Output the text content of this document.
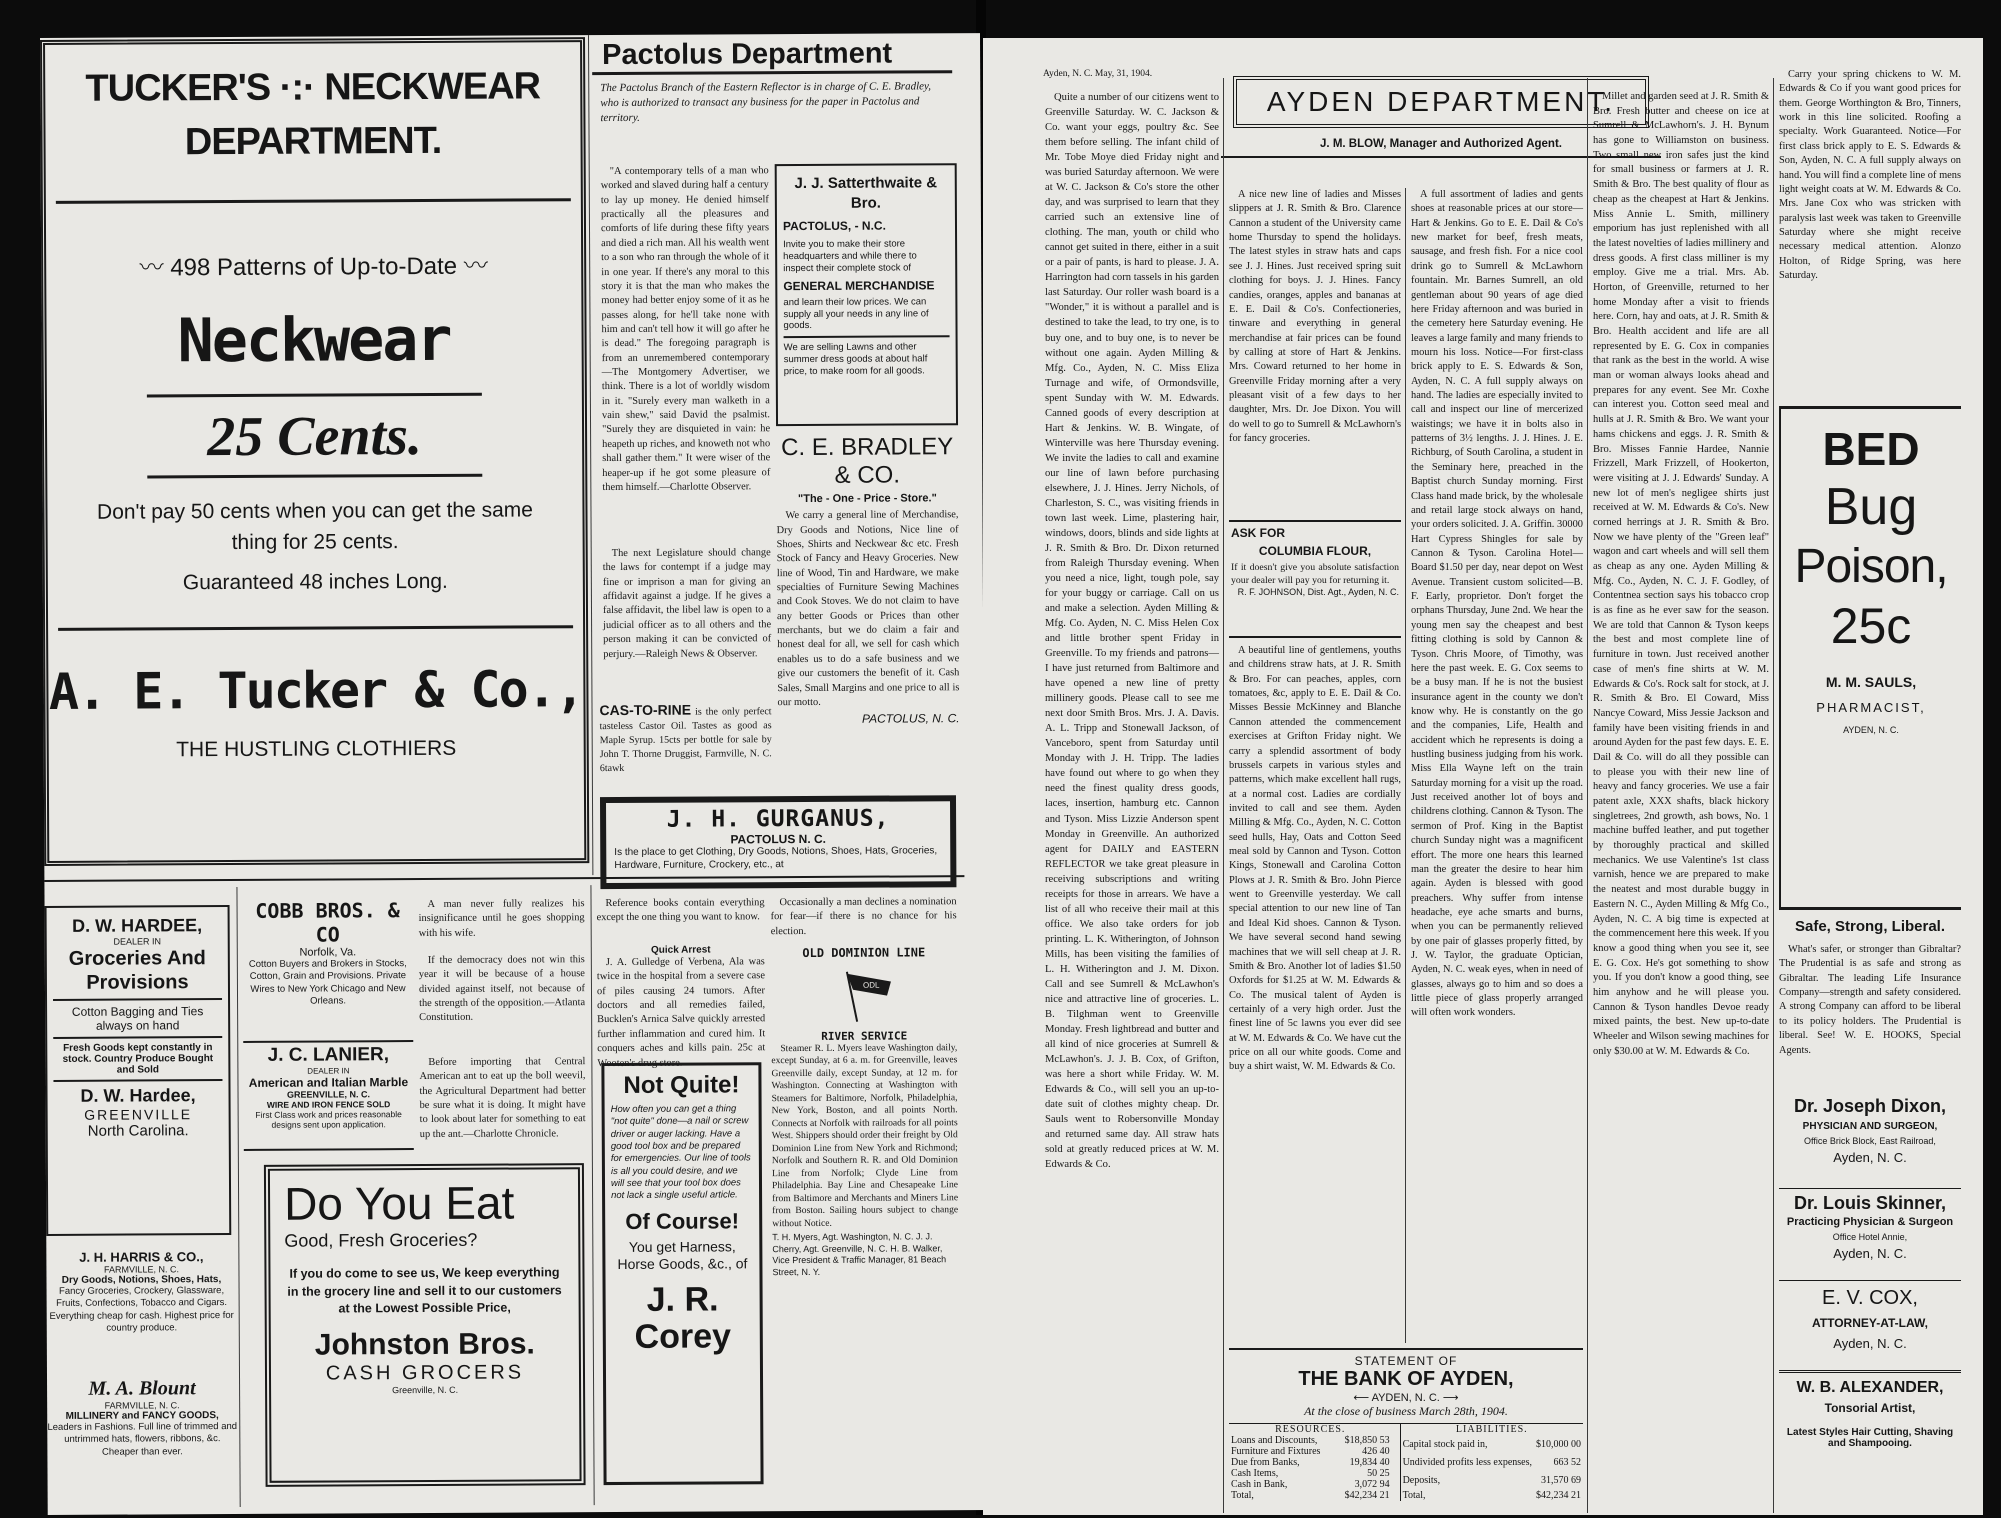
TUCKER'S ·:· NECKWEAR DEPARTMENT.
〰 498 Patterns of Up-to-Date 〰
Neckwear
25 Cents.
Don't pay 50 cents when you can get the same thing for 25 cents.
Guaranteed 48 inches Long.
A. E. Tucker & Co.,
THE HUSTLING CLOTHIERS
Pactolus Department
The Pactolus Branch of the Eastern Reflector is in charge of C. E. Bradley, who is authorized to transact any business for the paper in Pactolus and territory.

"A contemporary tells of a man who worked and slaved during half a century to lay up money. He denied himself practically all the pleasures and comforts of life during these fifty years and died a rich man. All his wealth went to a son who ran through the whole of it in one year. If there's any moral to this story it is that the man who makes the money had better enjoy some of it as he passes along, for he'll take none with him and can't tell how it will go after he is dead." The foregoing paragraph is from an unremembered contemporary—The Montgomery Advertiser, we think. There is a lot of worldly wisdom in it. "Surely every man walketh in a vain shew," said David the psalmist. "Surely they are disquieted in vain: he heapeth up riches, and knoweth not who shall gather them." It were wiser of the heaper-up if he got some pleasure of them himself.—Charlotte Observer.

The next Legislature should change the laws for contempt if a judge may fine or imprison a man for giving an affidavit against a judge. If he gives a false affidavit, the libel law is open to a judicial officer as to all others and the person making it can be convicted of perjury.—Raleigh News & Observer.

J. J. Satterthwaite & Bro.
PACTOLUS, - N.C.
Invite you to make their store headquarters and while there to inspect their complete stock of
GENERAL MERCHANDISE
and learn their low prices. We can supply all your needs in any line of goods.
We are selling Lawns and other summer dress goods at about half price, to make room for all goods.
C. E. BRADLEY & CO.
"The - One - Price - Store."

We carry a general line of Merchandise, Dry Goods and Notions, Nice line of Shoes, Shirts and Neckwear &c etc. Fresh Stock of Fancy and Heavy Groceries. New line of Wood, Tin and Hardware, we make specialties of Furniture Sewing Machines and Cook Stoves. We do not claim to have any better Goods or Prices than other merchants, but we do claim a fair and honest deal for all, we sell for cash which enables us to do a safe business and we give our customers the benefit of it. Cash Sales, Small Margins and one price to all is our motto.

PACTOLUS, N. C.
CAS-TO-RINE is the only perfect tasteless Castor Oil. Tastes as good as Maple Syrup. 15cts per bottle for sale by John T. Thorne Druggist, Farmville, N. C. 6tawk
J. H. GURGANUS,
PACTOLUS N. C.
Is the place to get Clothing, Dry Goods, Notions, Shoes, Hats, Groceries, Hardware, Furniture, Crockery, etc., at
D. W. HARDEE,
DEALER IN
Groceries And Provisions
Cotton Bagging and Ties always on hand
Fresh Goods kept constantly in stock. Country Produce Bought and Sold
D. W. Hardee,
GREENVILLE
North Carolina.
J. H. HARRIS & CO.,
FARMVILLE, N. C.
Dry Goods, Notions, Shoes, Hats,
Fancy Groceries, Crockery, Glassware, Fruits, Confections, Tobacco and Cigars. Everything cheap for cash. Highest price for country produce.
M. A. Blount
FARMVILLE, N. C.
MILLINERY and FANCY GOODS,
Leaders in Fashions. Full line of trimmed and untrimmed hats, flowers, ribbons, &c. Cheaper than ever.
COBB BROS. & CO
Norfolk, Va.
Cotton Buyers and Brokers in Stocks, Cotton, Grain and Provisions. Private Wires to New York Chicago and New Orleans.
J. C. LANIER,
DEALER IN
American and Italian Marble
GREENVILLE, N. C.
WIRE AND IRON FENCE SOLD
First Class work and prices reasonable designs sent upon application.

A man never fully realizes his insignificance until he goes shopping with his wife.

If the democracy does not win this year it will be because of a house divided against itself, not because of the strength of the opposition.—Atlanta Constitution.

Before importing that Central American ant to eat up the boll weevil, the Agricultural Department had better be sure what it is doing. It might have to look about later for something to eat up the ant.—Charlotte Chronicle.

Do You Eat
Good, Fresh Groceries?
If you do come to see us, We keep everything in the grocery line and sell it to our customers at the Lowest Possible Price,
Johnston Bros.
CASH GROCERS
Greenville, N. C.

Reference books contain everything except the one thing you want to know.

Occasionally a man declines a nomination for fear—if there is no chance for his election.

Quick Arrest

J. A. Gulledge of Verbena, Ala was twice in the hospital from a severe case of piles causing 24 tumors. After doctors and all remedies failed, Bucklen's Arnica Salve quickly arrested further inflammation and cured him. It conquers aches and kills pain. 25c at Wooten's drug store.

Not Quite!
How often you can get a thing "not quite" done—a nail or screw driver or auger lacking. Have a good tool box and be prepared for emergencies. Our line of tools is all you could desire, and we will see that your tool box does not lack a single useful article.
Of Course!
You get Harness, Horse Goods, &c., of
J. R. Corey
OLD DOMINION LINE
ODL
RIVER SERVICE

Steamer R. L. Myers leave Washington daily, except Sunday, at 6 a. m. for Greenville, leaves Greenville daily, except Sunday, at 12 m. for Washington. Connecting at Washington with Steamers for Baltimore, Norfolk, Philadelphia, New York, Boston, and all points North. Connects at Norfolk with railroads for all points West. Shippers should order their freight by Old Dominion Line from New York and Richmond; Norfolk and Southern R. R. and Old Dominion Line from Norfolk; Clyde Line from Philadelphia. Bay Line and Chesapeake Line from Baltimore and Merchants and Miners Line from Boston. Sailing hours subject to change without Notice.

T. H. Myers, Agt. Washington, N. C. J. J. Cherry, Agt. Greenville, N. C. H. B. Walker, Vice President & Traffic Manager, 81 Beach Street, N. Y.
Ayden, N. C. May, 31, 1904.
AYDEN DEPARTMENT.
J. M. BLOW, Manager and Authorized Agent.

Quite a number of our citizens went to Greenville Saturday. W. C. Jackson & Co. want your eggs, poultry &c. See them before selling. The infant child of Mr. Tobe Moye died Friday night and was buried Saturday afternoon. We were at W. C. Jackson & Co's store the other day, and was surprised to learn that they carried such an extensive line of clothing. The man, youth or child who cannot get suited in there, either in a suit or a pair of pants, is hard to please. J. A. Harrington had corn tassels in his garden last Saturday. Our roller wash board is a "Wonder," it is without a parallel and is destined to take the lead, to try one, is to buy one, and to buy one, is to never be without one again. Ayden Milling & Mfg. Co., Ayden, N. C. Miss Eliza Turnage and wife, of Ormondsville, spent Sunday with W. M. Edwards. Canned goods of every description at Hart & Jenkins. W. B. Wingate, of Winterville was here Thursday evening. We invite the ladies to call and examine our line of lawn before purchasing elsewhere, J. J. Hines. Jerry Nichols, of Charleston, S. C., was visiting friends in town last week. Lime, plastering hair, windows, doors, blinds and side lights at J. R. Smith & Bro. Dr. Dixon returned from Raleigh Thursday evening. When you need a nice, light, tough pole, say for your buggy or carriage. Call on us and make a selection. Ayden Milling & Mfg. Co. Ayden, N. C. Miss Helen Cox and little brother spent Friday in Greenville. To my friends and patrons—I have just returned from Baltimore and have opened a new line of pretty millinery goods. Please call to see me next door Smith Bros. Mrs. J. A. Davis. A. L. Tripp and Stonewall Jackson, of Vanceboro, spent from Saturday until Monday with J. H. Tripp. The ladies have found out where to go when they need the finest quality dress goods, laces, insertion, hamburg etc. Cannon and Tyson. Miss Lizzie Anderson spent Monday in Greenville. An authorized agent for DAILY and EASTERN REFLECTOR we take great pleasure in receiving subscriptions and writing receipts for those in arrears. We have a list of all who receive their mail at this office. We also take orders for job printing. L. K. Witherington, of Johnson Mills, has been visiting the families of L. H. Witherington and J. M. Dixon. Call and see Sumrell & McLawhon's nice and attractive line of groceries. L. B. Tilghman went to Greenville Monday. Fresh lightbread and butter and all kind of nice groceries at Sumrell & McLawhon's. J. J. B. Cox, of Grifton, was here a short while Friday. W. M. Edwards & Co., will sell you an up-to-date suit of clothes mighty cheap. Dr. Sauls went to Robersonville Monday and returned same day. All straw hats sold at greatly reduced prices at W. M. Edwards & Co.

A nice new line of ladies and Misses slippers at J. R. Smith & Bro. Clarence Cannon a student of the University came home Thursday to spend the holidays. The latest styles in straw hats and caps see J. J. Hines. Just received spring suit clothing for boys. J. J. Hines. Fancy candies, oranges, apples and bananas at E. E. Dail & Co's. Confectioneries, tinware and everything in general merchandise at fair prices can be found by calling at store of Hart & Jenkins. Mrs. Coward returned to her home in Greenville Friday morning after a very pleasant visit of a few days to her daughter, Mrs. Dr. Joe Dixon. You will do well to go to Sumrell & McLawhorn's for fancy groceries.

ASK FOR
COLUMBIA FLOUR,
If it doesn't give you absolute satisfaction your dealer will pay you for returning it.
R. F. JOHNSON, Dist. Agt., Ayden, N. C.

A beautiful line of gentlemens, youths and childrens straw hats, at J. R. Smith & Bro. For can peaches, apples, corn tomatoes, &c, apply to E. E. Dail & Co. Misses Bessie McKinney and Blanche Cannon attended the commencement exercises at Grifton Friday night. We carry a splendid assortment of body brussels carpets in various styles and patterns, which make excellent hall rugs, at a normal cost. Ladies are cordially invited to call and see them. Ayden Milling & Mfg. Co., Ayden, N. C. Cotton seed hulls, Hay, Oats and Cotton Seed meal sold by Cannon and Tyson. Cotton Kings, Stonewall and Carolina Cotton Plows at J. R. Smith & Bro. John Pierce went to Greenville yesterday. We call special attention to our new line of Tan and Ideal Kid shoes. Cannon & Tyson. We have several second hand sewing machines that we will sell cheap at J. R. Smith & Bro. Another lot of ladies $1.50 Oxfords for $1.25 at W. M. Edwards & Co. The musical talent of Ayden is certainly of a very high order. Just the finest line of 5c lawns you ever did see at W. M. Edwards & Co. We have cut the price on all our white goods. Come and buy a shirt waist, W. M. Edwards & Co.

A full assortment of ladies and gents shoes at reasonable prices at our store—Hart & Jenkins. Go to E. E. Dail & Co's new market for beef, fresh meats, sausage, and fresh fish. For a nice cool drink go to Sumrell & McLawhorn fountain. Mr. Barnes Sumrell, an old gentleman about 90 years of age died here Friday afternoon and was buried in the cemetery here Saturday evening. He leaves a large family and many friends to mourn his loss. Notice—For first-class brick apply to E. S. Edwards & Son, Ayden, N. C. A full supply always on hand. The ladies are especially invited to call and inspect our line of mercerized waistings; we have it in bolts also in patterns of 3½ lengths. J. J. Hines. J. E. Richburg, of South Carolina, a student in the Seminary here, preached in the Baptist church Sunday morning. First Class hand made brick, by the wholesale and retail large stock always on hand, your orders solicited. J. A. Griffin. 30000 Hart Cypress Shingles for sale by Cannon & Tyson. Carolina Hotel—Board $1.50 per day, near depot on West Avenue. Transient custom solicited—B. F. Early, proprietor. Don't forget the orphans Thursday, June 2nd. We hear the young men say the cheapest and best fitting clothing is sold by Cannon & Tyson. Chris Moore, of Timothy, was here the past week. E. G. Cox seems to be a busy man. If he is not the busiest insurance agent in the county we don't know why. He is constantly on the go and the companies, Life, Health and accident which he represents is doing a hustling business judging from his work. Miss Ella Wayne left on the train Saturday morning for a visit up the road. Just received another lot of boys and childrens clothing. Cannon & Tyson. The sermon of Prof. King in the Baptist church Sunday night was a magnificent effort. The more one hears this learned man the greater the desire to hear him again. Ayden is blessed with good preachers. Why suffer from intense headache, eye ache smarts and burns, when you can be permanently relieved by one pair of glasses properly fitted, by J. W. Taylor, the graduate Optician, Ayden, N. C. weak eyes, when in need of glasses, always go to him and so does a little piece of glass properly arranged will often work wonders.

STATEMENT OF
THE BANK OF AYDEN,
⟵ AYDEN, N. C. ⟶
At the close of business March 28th, 1904.
RESOURCES.	
Loans and Discounts,	$18,850 53
Furniture and Fixtures	426 40
Due from Banks,	19,834 40
Cash Items,	50 25
Cash in Bank,	3,072 94
Total,	$42,234 21
LIABILITIES.	
Capital stock paid in,	$10,000 00
Undivided profits less expenses,	663 52
Deposits,	31,570 69
Total,	$42,234 21

Millet and garden seed at J. R. Smith & Bro. Fresh butter and cheese on ice at Sumrell & McLawhorn's. J. H. Bynum has gone to Williamston on business. Two small new iron safes just the kind for small business or farmers at J. R. Smith & Bro. The best quality of flour as cheap as the cheapest at Hart & Jenkins. Miss Annie L. Smith, millinery emporium has just replenished with all the latest novelties of ladies millinery and dress goods. A first class milliner is my employ. Give me a trial. Mrs. Ab. Horton, of Greenville, returned to her home Monday after a visit to friends here. Corn, hay and oats, at J. R. Smith & Bro. Health accident and life are all represented by E. G. Cox in companies that rank as the best in the world. A wise man or woman always looks ahead and prepares for any event. See Mr. Coxhe can interest you. Cotton seed meal and hulls at J. R. Smith & Bro. We want your hams chickens and eggs. J. R. Smith & Bro. Misses Fannie Hardee, Nannie Frizzell, Mark Frizzell, of Hookerton, were visiting at J. J. Edwards' Sunday. A new lot of men's negligee shirts just received at W. M. Edwards & Co's. New corned herrings at J. R. Smith & Bro. Now we have plenty of the "Green leaf" wagon and cart wheels and will sell them as cheap as any one. Ayden Milling & Mfg. Co., Ayden, N. C. J. F. Godley, of Contentnea section says his tobacco crop is as fine as he ever saw for the season. We are told that Cannon & Tyson keeps the best and most complete line of furniture in town. Just received another case of men's fine shirts at W. M. Edwards & Co's. Rock salt for stock, at J. R. Smith & Bro. El Coward, Miss Nancye Coward, Miss Jessie Jackson and family have been visiting friends in and around Ayden for the past few days. E. E. Dail & Co. will do all they possible can to please you with their new line of heavy and fancy groceries. We use a fair patent axle, XXX shafts, black hickory singletrees, 2nd growth, ash bows, No. 1 machine buffed leather, and put together by thoroughly practical and skilled mechanics. We use Valentine's 1st class varnish, hence we are prepared to make the neatest and most durable buggy in Eastern N. C., Ayden Milling & Mfg Co., Ayden, N. C. A big time is expected at the commencement here this week. If you know a good thing when you see it, see E. G. Cox. He's got something to show you. If you don't know a good thing, see him anyhow and he will please you. Cannon & Tyson handles Devoe ready mixed paints, the best. New up-to-date Wheeler and Wilson sewing machines for only $30.00 at W. M. Edwards & Co.

Carry your spring chickens to W. M. Edwards & Co if you want good prices for them. George Worthington & Bro, Tinners, work in this line solicited. Roofing a specialty. Work Guaranteed. Notice—For first class brick apply to E. S. Edwards & Son, Ayden, N. C. A full supply always on hand. You will find a complete line of mens light weight coats at W. M. Edwards & Co. Mrs. Jane Cox who was stricken with paralysis last week was taken to Greenville Saturday where she might receive necessary medical attention. Alonzo Holton, of Ridge Spring, was here Saturday.

BED
Bug
Poison,
25c
M. M. SAULS,
PHARMACIST,
AYDEN, N. C.
Safe, Strong, Liberal.

What's safer, or stronger than Gibraltar? The Prudential is as safe and strong as Gibraltar. The leading Life Insurance Company—strength and safety considered. A strong Company can afford to be liberal to its policy holders. The Prudential is liberal. See! W. E. HOOKS, Special Agents.

Dr. Joseph Dixon,
PHYSICIAN AND SURGEON,
Office Brick Block, East Railroad,
Ayden, N. C.
Dr. Louis Skinner,
Practicing Physician & Surgeon
Office Hotel Annie,
Ayden, N. C.
E. V. COX,
ATTORNEY-AT-LAW,
Ayden, N. C.
W. B. ALEXANDER,
Tonsorial Artist,
Latest Styles Hair Cutting, Shaving and Shampooing.
